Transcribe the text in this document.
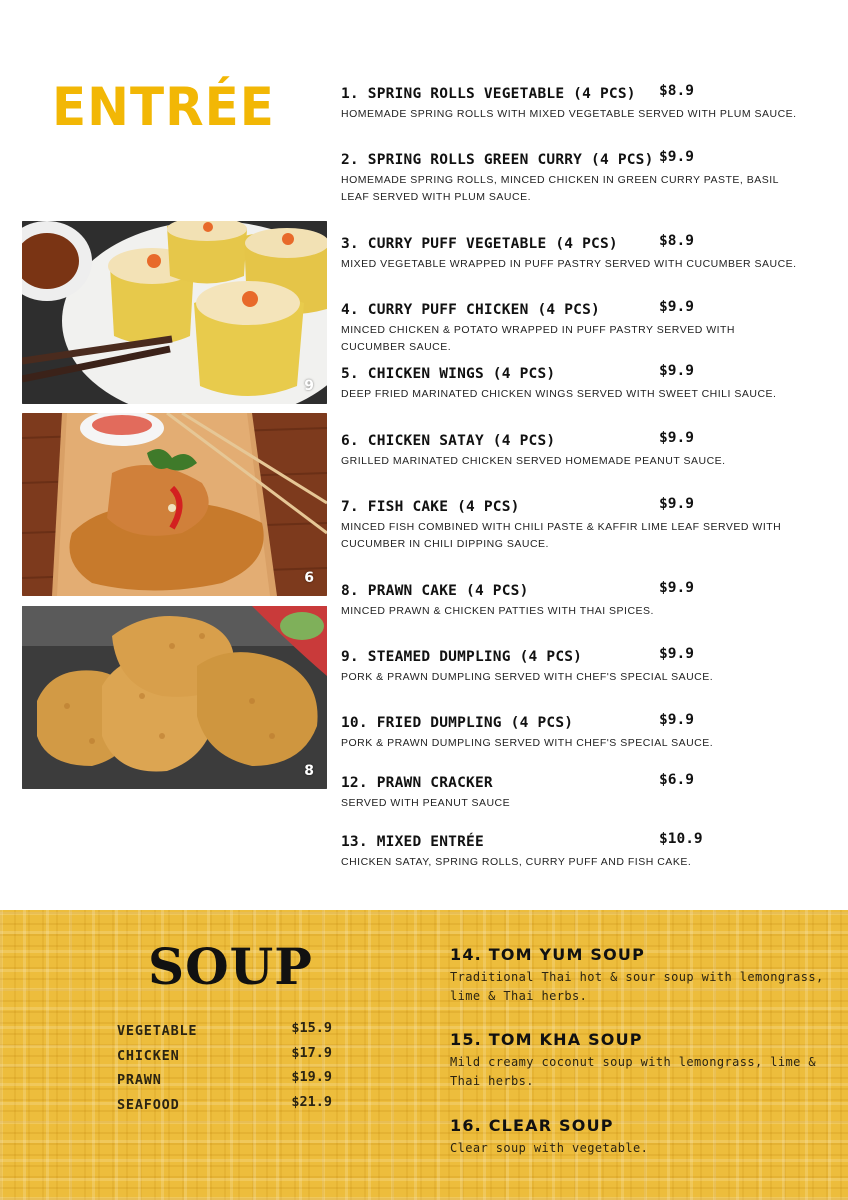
ENTRÉE
9
6
8
1. SPRING ROLLS VEGETABLE (4 PCS) $8.9
HOMEMADE SPRING ROLLS WITH MIXED VEGETABLE SERVED WITH PLUM SAUCE.
2. SPRING ROLLS GREEN CURRY (4 PCS) $9.9
HOMEMADE SPRING ROLLS, MINCED CHICKEN IN GREEN CURRY PASTE, BASIL LEAF SERVED WITH PLUM SAUCE.
3. CURRY PUFF VEGETABLE (4 PCS)	$8.9
MIXED VEGETABLE WRAPPED IN PUFF PASTRY SERVED WITH CUCUMBER SAUCE.
4. CURRY PUFF CHICKEN (4 PCS)	$9.9
MINCED CHICKEN & POTATO WRAPPED IN PUFF PASTRY SERVED WITH CUCUMBER SAUCE.
5. CHICKEN WINGS (4 PCS)	$9.9
DEEP FRIED MARINATED CHICKEN WINGS SERVED WITH SWEET CHILI SAUCE.
6. CHICKEN SATAY (4 PCS)	$9.9
GRILLED MARINATED CHICKEN SERVED HOMEMADE PEANUT SAUCE.
7. FISH CAKE (4 PCS)	$9.9
MINCED FISH COMBINED WITH CHILI PASTE & KAFFIR LIME LEAF SERVED WITH CUCUMBER IN CHILI DIPPING SAUCE.
8. PRAWN CAKE (4 PCS)	$9.9
MINCED PRAWN & CHICKEN PATTIES WITH THAI SPICES.
9. STEAMED DUMPLING (4 PCS)	$9.9
PORK & PRAWN DUMPLING SERVED WITH CHEF'S SPECIAL SAUCE.
10. FRIED DUMPLING (4 PCS)	$9.9
PORK & PRAWN DUMPLING SERVED WITH CHEF'S SPECIAL SAUCE.
12. PRAWN CRACKER	$6.9
SERVED WITH PEANUT SAUCE
13. MIXED ENTRÉE	$10.9
CHICKEN SATAY, SPRING ROLLS, CURRY PUFF AND FISH CAKE.
SOUP
VEGETABLE	$15.9
CHICKEN	$17.9
PRAWN	$19.9
SEAFOOD	$21.9
14. TOM YUM SOUP
Traditional Thai hot & sour soup with lemongrass, lime & Thai herbs.
15. TOM KHA SOUP
Mild creamy coconut soup with lemongrass, lime & Thai herbs.
16. CLEAR SOUP
Clear soup with vegetable.
